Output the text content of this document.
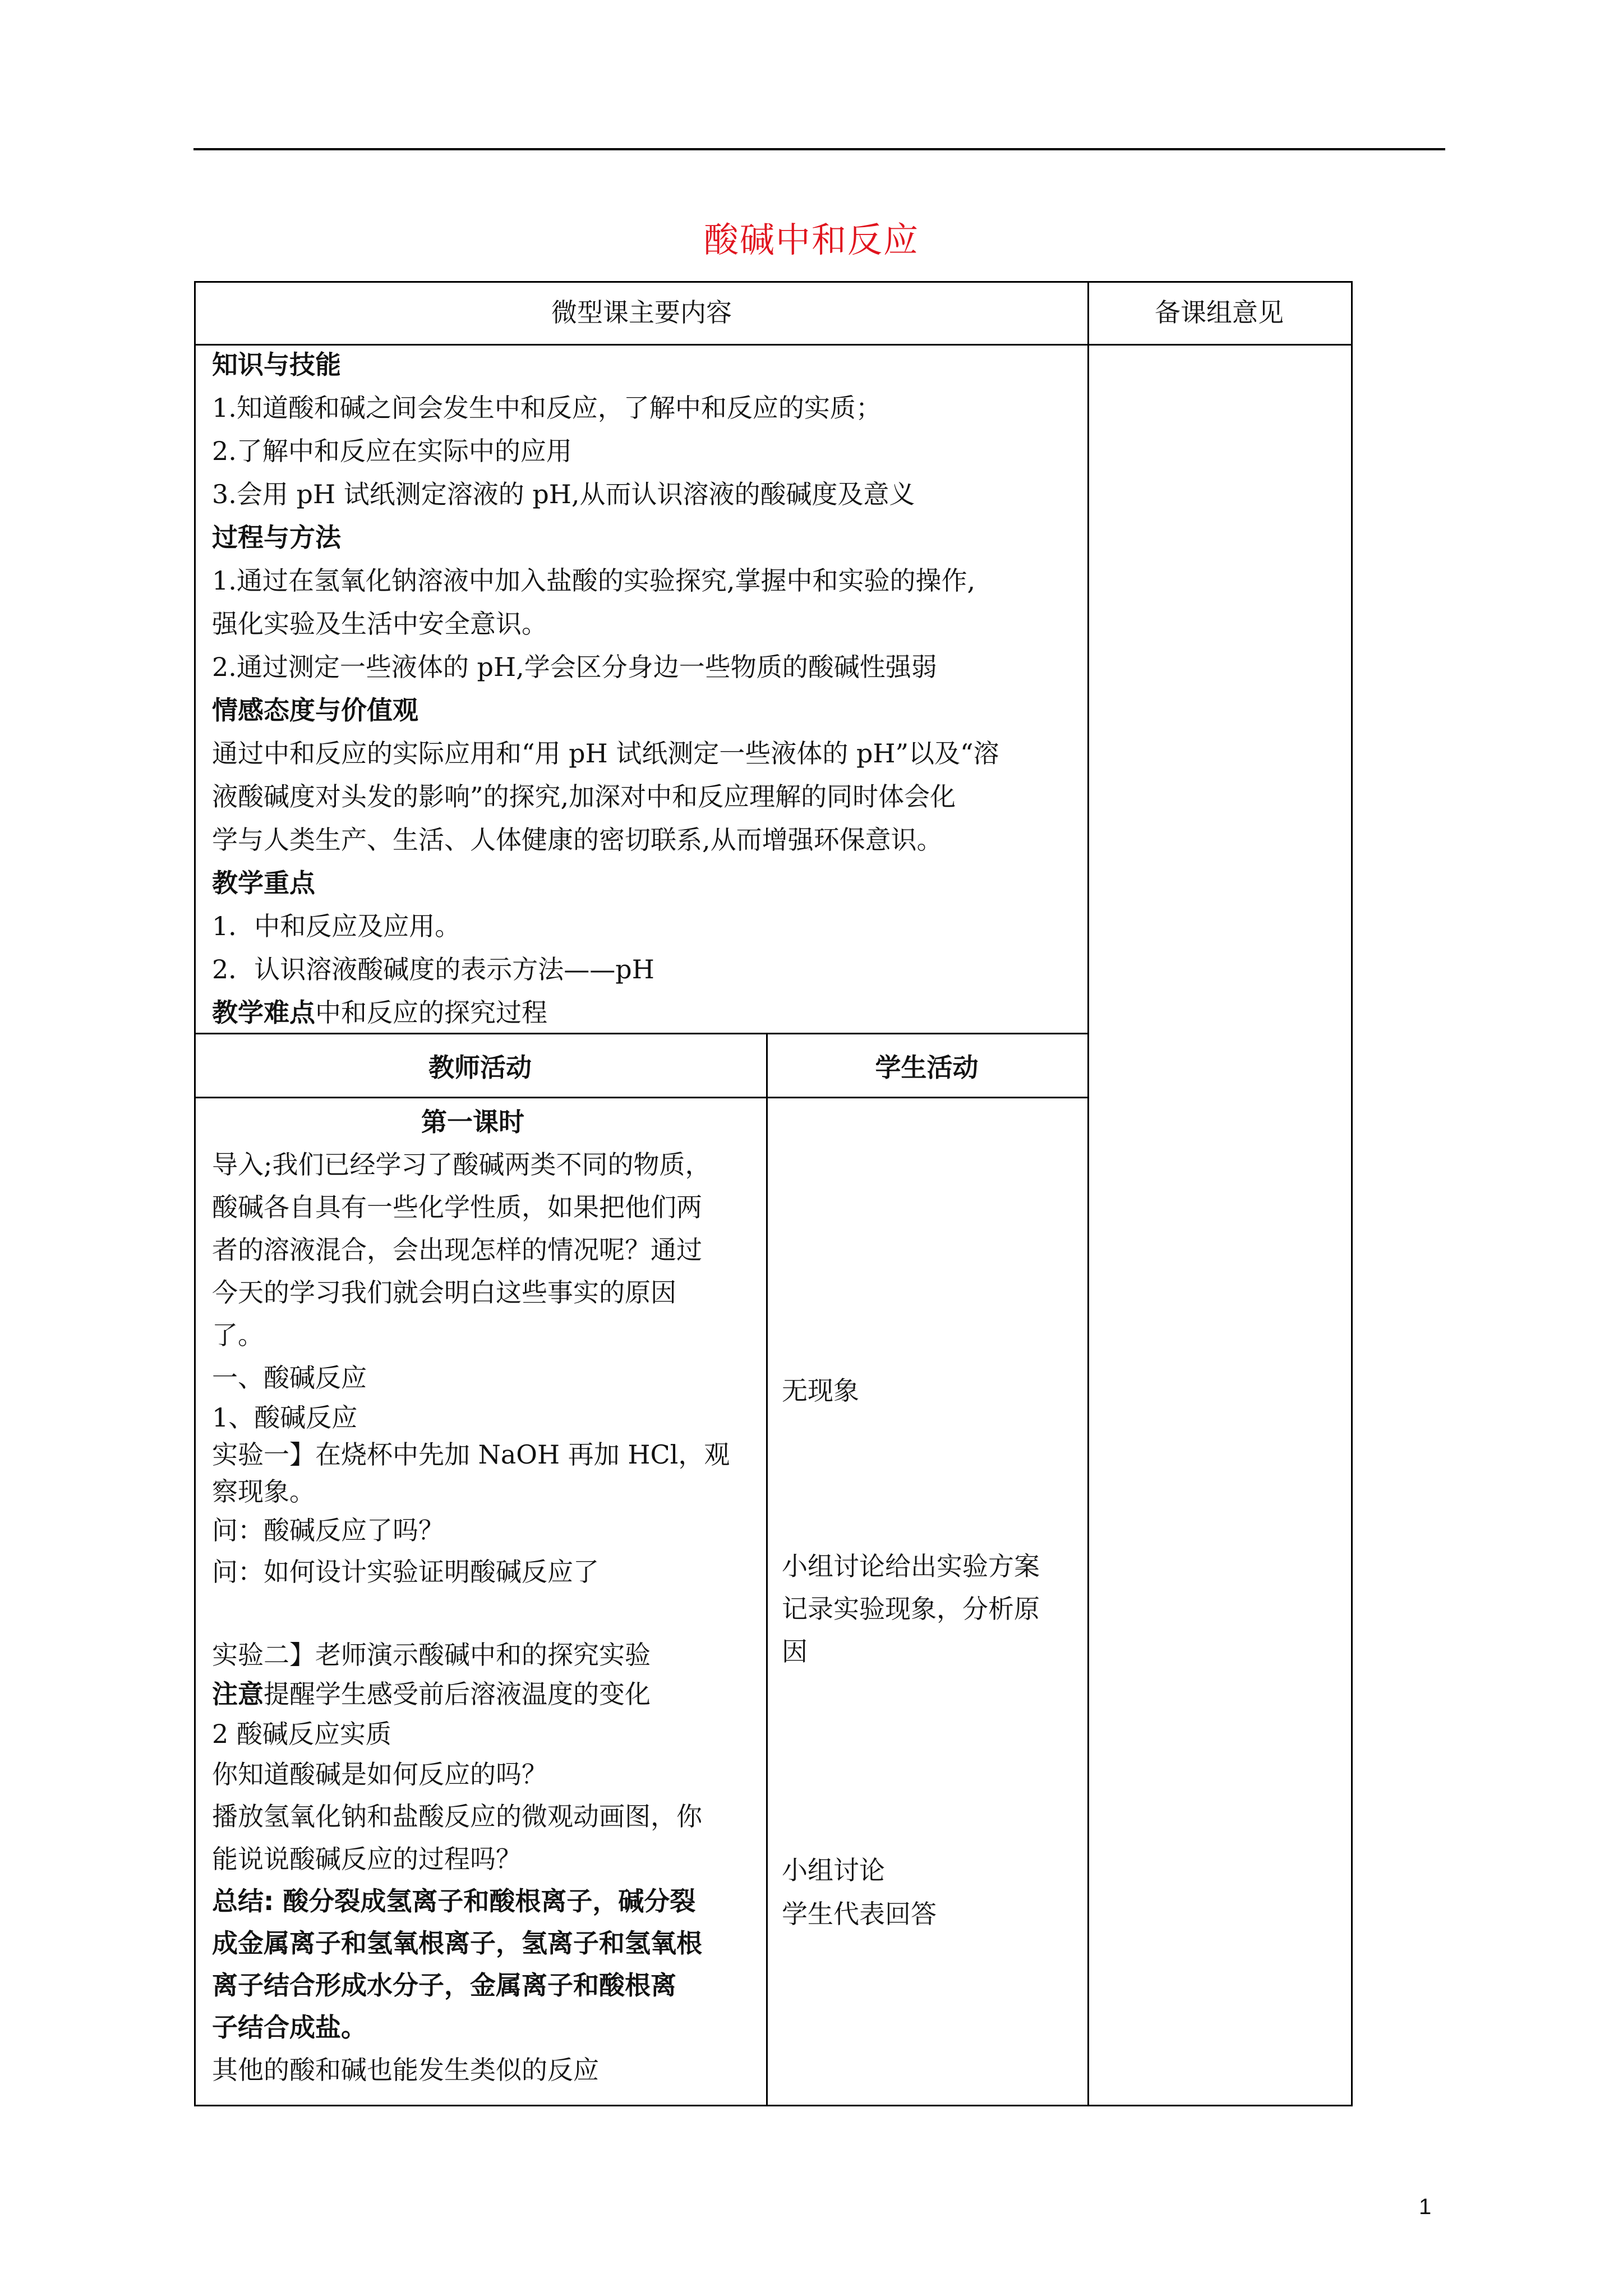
酸碱中和反应
微型课主要内容	备课组意见
知识与技能
1.知道酸和碱之间会发生中和反应，了解中和反应的实质；
2.了解中和反应在实际中的应用
3.会用 pH 试纸测定溶液的 pH,从而认识溶液的酸碱度及意义
过程与方法
1.通过在氢氧化钠溶液中加入盐酸的实验探究,掌握中和实验的操作,
强化实验及生活中安全意识。
2.通过测定一些液体的 pH,学会区分身边一些物质的酸碱性强弱
情感态度与价值观
通过中和反应的实际应用和“用 pH 试纸测定一些液体的 pH”以及“溶
液酸碱度对头发的影响”的探究,加深对中和反应理解的同时体会化
学与人类生产、生活、人体健康的密切联系,从而增强环保意识。
教学重点
1．中和反应及应用。
2．认识溶液酸碱度的表示方法——pH
教学难点中和反应的探究过程
教师活动	学生活动
第一课时
导入;我们已经学习了酸碱两类不同的物质，
酸碱各自具有一些化学性质，如果把他们两
者的溶液混合，会出现怎样的情况呢？通过
今天的学习我们就会明白这些事实的原因
了。
一、酸碱反应
1、酸碱反应
实验一】在烧杯中先加 NaOH 再加 HCl，观
察现象。
问：酸碱反应了吗？
问：如何设计实验证明酸碱反应了
实验二】老师演示酸碱中和的探究实验
注意提醒学生感受前后溶液温度的变化
2 酸碱反应实质
你知道酸碱是如何反应的吗？
播放氢氧化钠和盐酸反应的微观动画图，你
能说说酸碱反应的过程吗？
总结: 酸分裂成氢离子和酸根离子，碱分裂
成金属离子和氢氧根离子，氢离子和氢氧根
离子结合形成水分子，金属离子和酸根离
子结合成盐。
其他的酸和碱也能发生类似的反应
无现象
小组讨论给出实验方案
记录实验现象，分析原
因
小组讨论
学生代表回答
1
